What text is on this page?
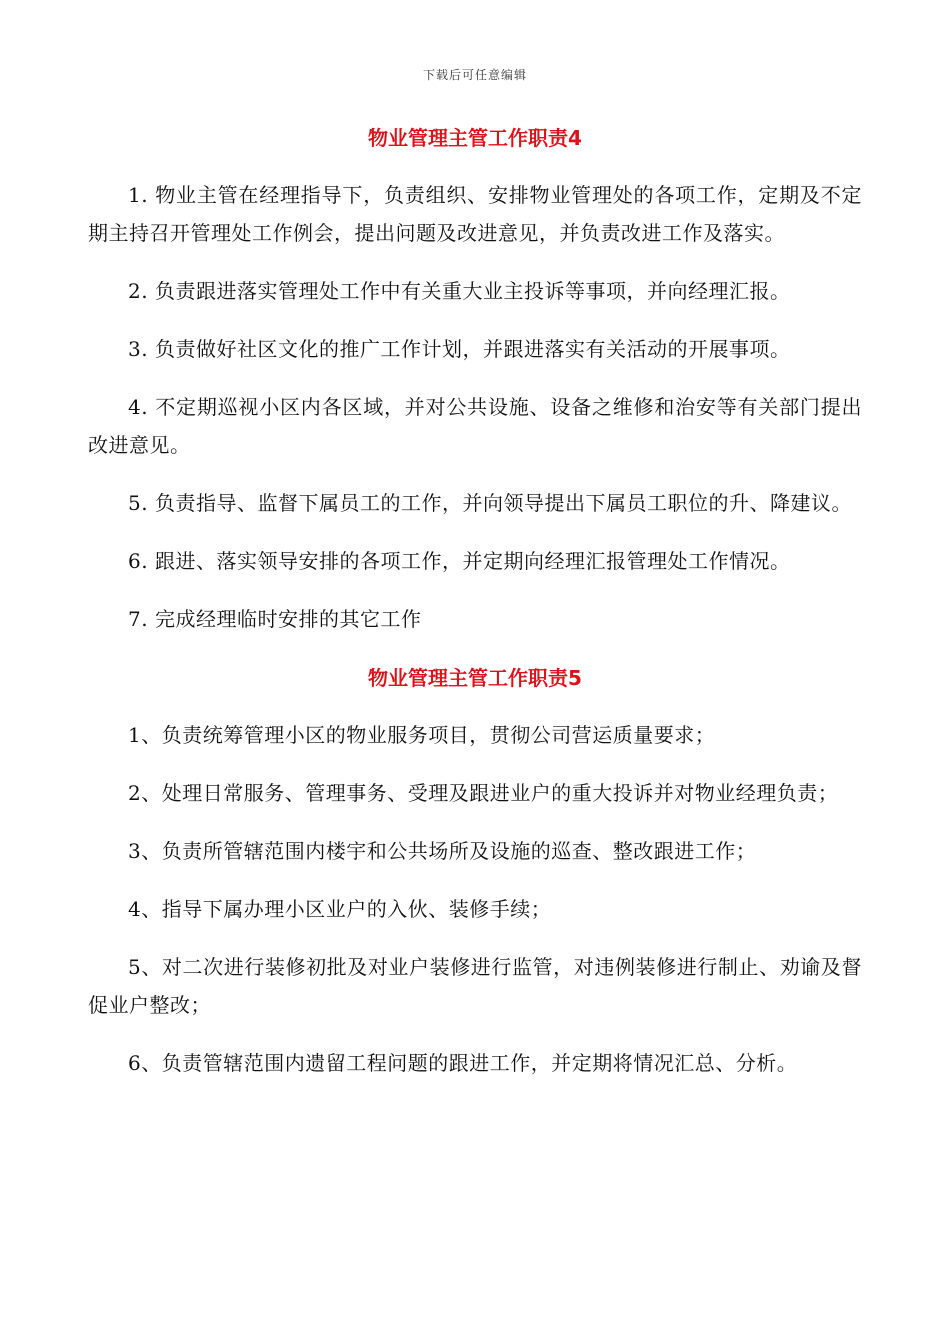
下载后可任意编辑
物业管理主管工作职责4

1. 物业主管在经理指导下，负责组织、安排物业管理处的各项工作，定期及不定期主持召开管理处工作例会，提出问题及改进意见，并负责改进工作及落实。

2. 负责跟进落实管理处工作中有关重大业主投诉等事项，并向经理汇报。

3. 负责做好社区文化的推广工作计划，并跟进落实有关活动的开展事项。

4. 不定期巡视小区内各区域，并对公共设施、设备之维修和治安等有关部门提出改进意见。

5. 负责指导、监督下属员工的工作，并向领导提出下属员工职位的升、降建议。

6. 跟进、落实领导安排的各项工作，并定期向经理汇报管理处工作情况。

7. 完成经理临时安排的其它工作

物业管理主管工作职责5

1、负责统筹管理小区的物业服务项目，贯彻公司营运质量要求；

2、处理日常服务、管理事务、受理及跟进业户的重大投诉并对物业经理负责；

3、负责所管辖范围内楼宇和公共场所及设施的巡查、整改跟进工作；

4、指导下属办理小区业户的入伙、装修手续；

5、对二次进行装修初批及对业户装修进行监管，对违例装修进行制止、劝谕及督促业户整改；

6、负责管辖范围内遗留工程问题的跟进工作，并定期将情况汇总、分析。
